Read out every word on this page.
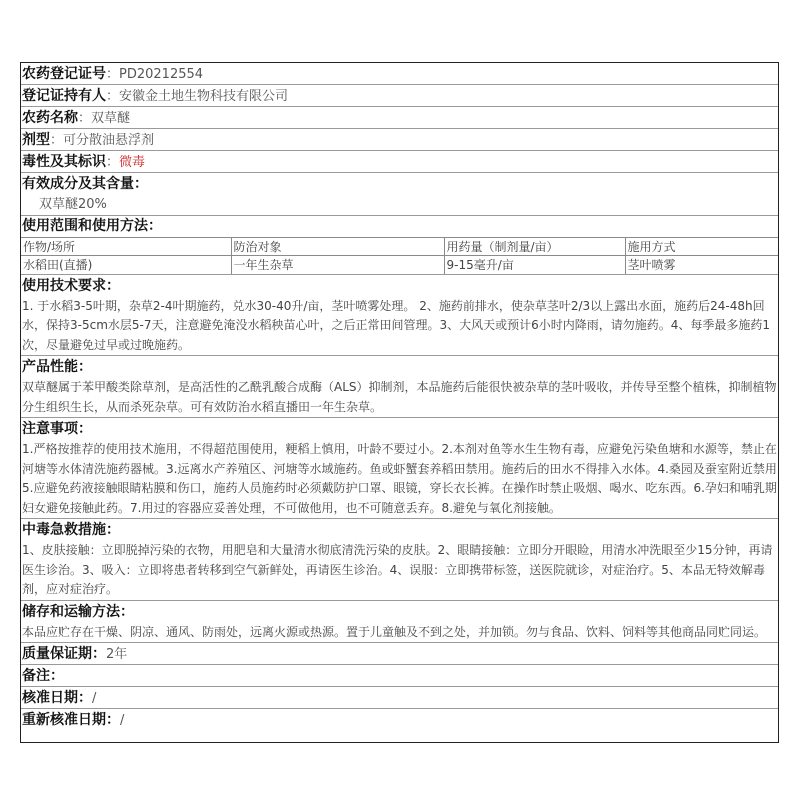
农药登记证号：PD20212554
登记证持有人：安徽金土地生物科技有限公司
农药名称：双草醚
剂型：可分散油悬浮剂
毒性及其标识：微毒
有效成分及其含量：
双草醚20%
使用范围和使用方法：
作物/场所	防治对象	用药量（制剂量/亩）	施用方式
水稻田(直播)	一年生杂草	9-15毫升/亩	茎叶喷雾
使用技术要求：
1. 于水稻3-5叶期，杂草2-4叶期施药，兑水30-40升/亩，茎叶喷雾处理。 2、施药前排水，使杂草茎叶2/3以上露出水面，施药后24-48h回水，保持3-5cm水层5-7天，注意避免淹没水稻秧苗心叶，之后正常田间管理。3、大风天或预计6小时内降雨，请勿施药。4、每季最多施药1次，尽量避免过早或过晚施药。
产品性能：
双草醚属于苯甲酸类除草剂，是高活性的乙酰乳酸合成酶（ALS）抑制剂，本品施药后能很快被杂草的茎叶吸收，并传导至整个植株，抑制植物分生组织生长，从而杀死杂草。可有效防治水稻直播田一年生杂草。
注意事项：
1.严格按推荐的使用技术施用，不得超范围使用，粳稻上慎用，叶龄不要过小。2.本剂对鱼等水生生物有毒，应避免污染鱼塘和水源等，禁止在河塘等水体清洗施药器械。3.远离水产养殖区、河塘等水域施药。鱼或虾蟹套养稻田禁用。施药后的田水不得排入水体。4.桑园及蚕室附近禁用5.应避免药液接触眼睛粘膜和伤口，施药人员施药时必须戴防护口罩、眼镜，穿长衣长裤。在操作时禁止吸烟、喝水、吃东西。6.孕妇和哺乳期妇女避免接触此药。7.用过的容器应妥善处理，不可做他用，也不可随意丢弃。8.避免与氧化剂接触。
中毒急救措施：
1、皮肤接触：立即脱掉污染的衣物，用肥皂和大量清水彻底清洗污染的皮肤。2、眼睛接触：立即分开眼睑，用清水冲洗眼至少15分钟，再请医生诊治。3、吸入：立即将患者转移到空气新鲜处，再请医生诊治。4、误服：立即携带标签，送医院就诊，对症治疗。5、本品无特效解毒剂，应对症治疗。
储存和运输方法：
本品应贮存在干燥、阴凉、通风、防雨处，远离火源或热源。置于儿童触及不到之处，并加锁。勿与食品、饮料、饲料等其他商品同贮同运。
质量保证期：2年
备注：
核准日期：/
重新核准日期：/
